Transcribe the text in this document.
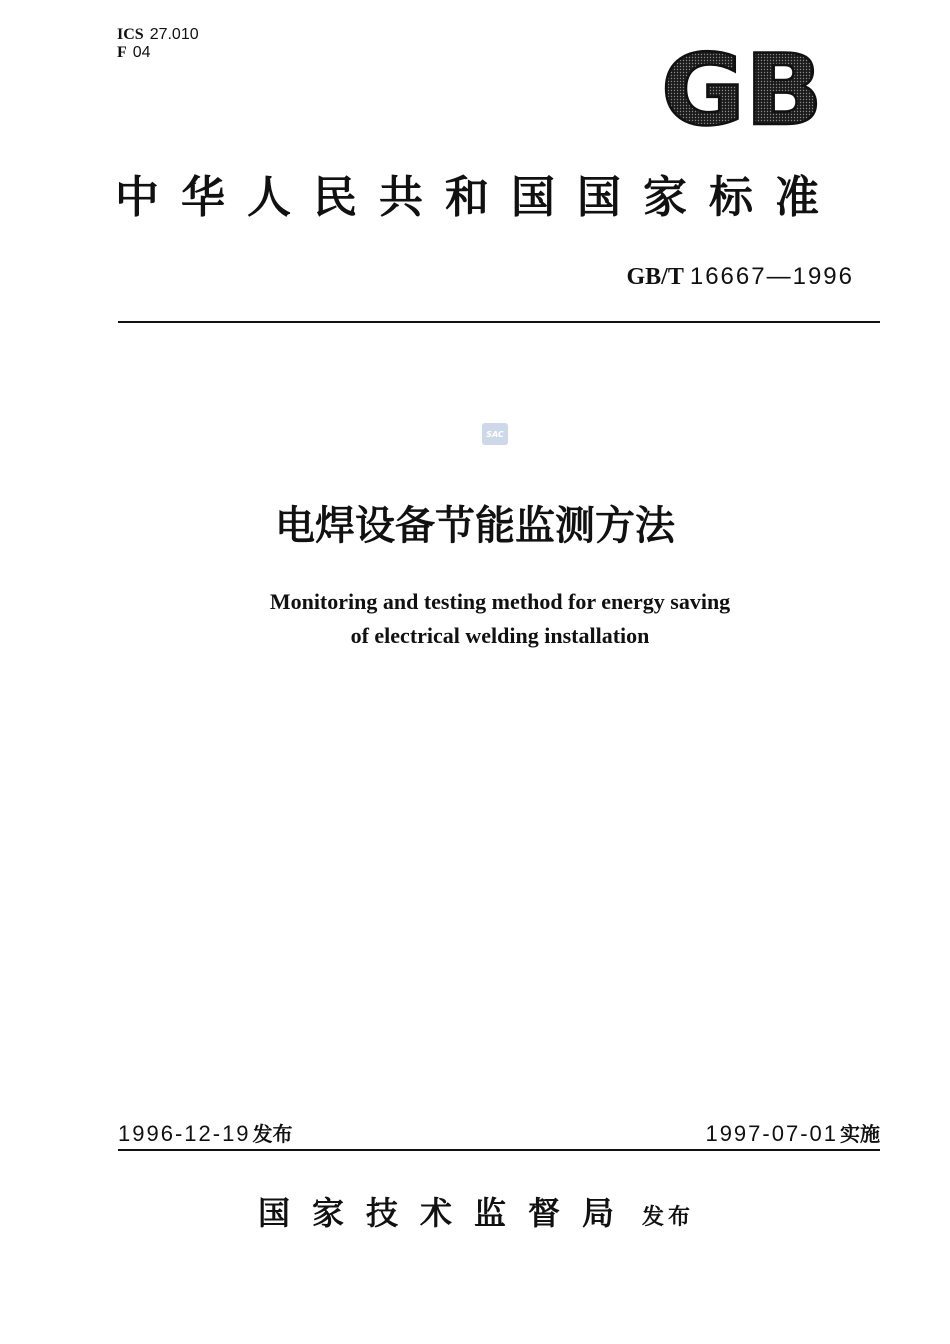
ICS 27.010
F 04	GB
中华人民共和国国家标准
GB/T 16667—1996
SAC
电焊设备节能监测方法
Monitoring and testing method for energy saving
of electrical welding installation
1996-12-19 发布	1997-07-01 实施
国家技术监督局 发布
